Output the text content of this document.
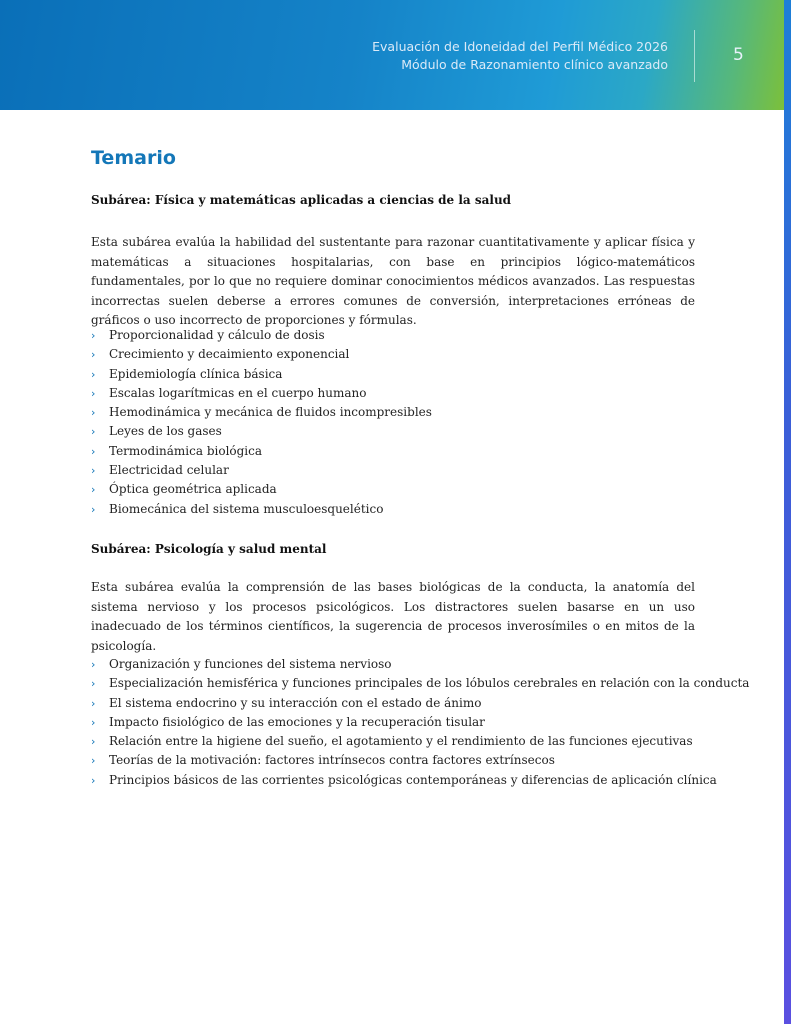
Evaluación de Idoneidad del Perfil Médico 2026
Módulo de Razonamiento clínico avanzado	5
Temario

Subárea: Física y matemáticas aplicadas a ciencias de la salud

Esta subárea evalúa la habilidad del sustentante para razonar cuantitativamente y aplicar física y matemáticas a situaciones hospitalarias, con base en principios lógico-matemáticos fundamentales, por lo que no requiere dominar conocimientos médicos avanzados. Las respuestas incorrectas suelen deberse a errores comunes de conversión, interpretaciones erróneas de gráficos o uso incorrecto de proporciones y fórmulas.

› Proporcionalidad y cálculo de dosis
› Crecimiento y decaimiento exponencial
› Epidemiología clínica básica
› Escalas logarítmicas en el cuerpo humano
› Hemodinámica y mecánica de fluidos incompresibles
› Leyes de los gases
› Termodinámica biológica
› Electricidad celular
› Óptica geométrica aplicada
› Biomecánica del sistema musculoesquelético

Subárea: Psicología y salud mental

Esta subárea evalúa la comprensión de las bases biológicas de la conducta, la anatomía del sistema nervioso y los procesos psicológicos. Los distractores suelen basarse en un uso inadecuado de los términos científicos, la sugerencia de procesos inverosímiles o en mitos de la psicología.

› Organización y funciones del sistema nervioso
› Especialización hemisférica y funciones principales de los lóbulos cerebrales en relación con la conducta
› El sistema endocrino y su interacción con el estado de ánimo
› Impacto fisiológico de las emociones y la recuperación tisular
› Relación entre la higiene del sueño, el agotamiento y el rendimiento de las funciones ejecutivas
› Teorías de la motivación: factores intrínsecos contra factores extrínsecos
› Principios básicos de las corrientes psicológicas contemporáneas y diferencias de aplicación clínica
